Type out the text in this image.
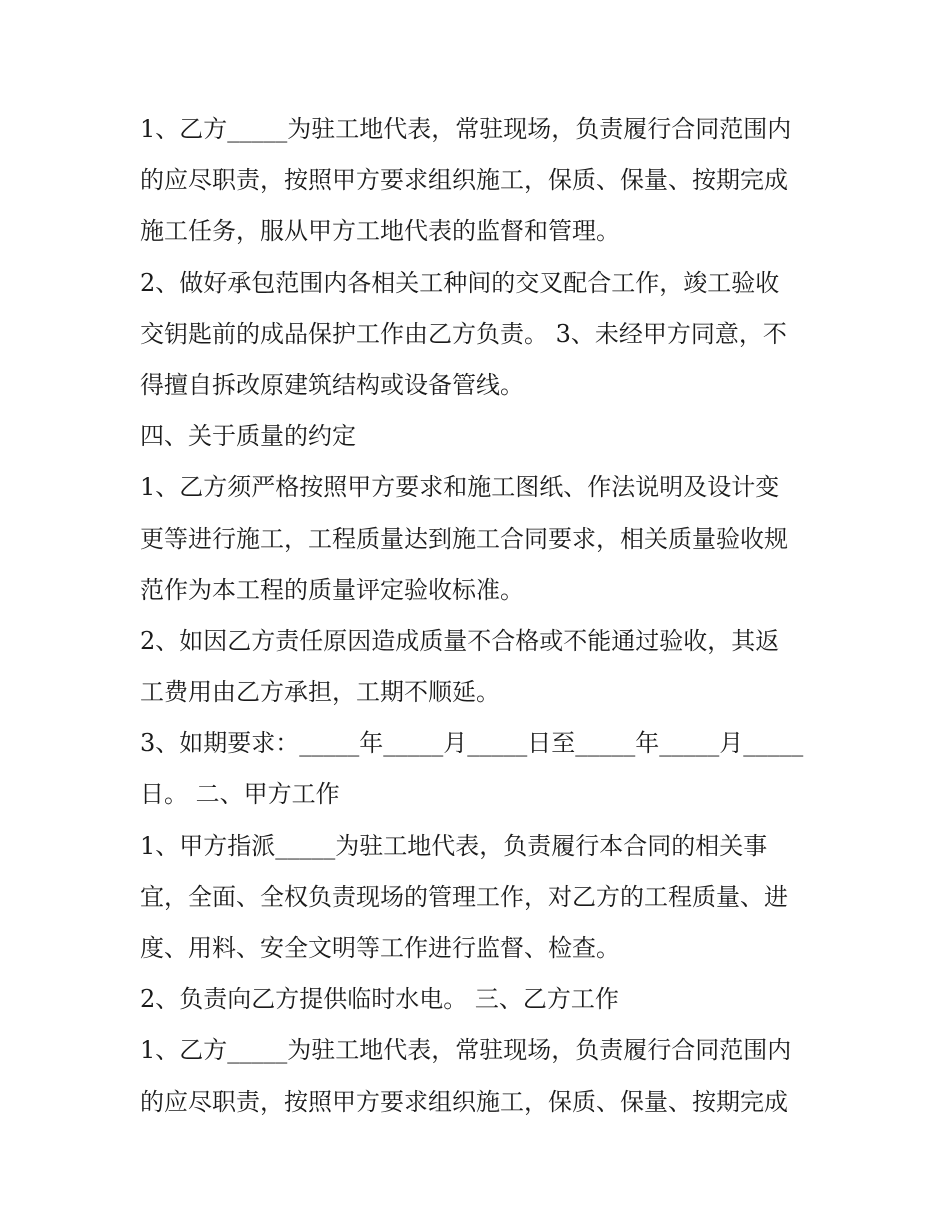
1、乙方_____为驻工地代表，常驻现场，负责履行合同范围内
的应尽职责，按照甲方要求组织施工，保质、保量、按期完成
施工任务，服从甲方工地代表的监督和管理。
2、做好承包范围内各相关工种间的交叉配合工作，竣工验收
交钥匙前的成品保护工作由乙方负责。 3、未经甲方同意，不
得擅自拆改原建筑结构或设备管线。
四、关于质量的约定
1、乙方须严格按照甲方要求和施工图纸、作法说明及设计变
更等进行施工，工程质量达到施工合同要求，相关质量验收规
范作为本工程的质量评定验收标准。
2、如因乙方责任原因造成质量不合格或不能通过验收，其返
工费用由乙方承担，工期不顺延。
3、如期要求：_____年_____月_____日至_____年_____月_____
日。 二、甲方工作
1、甲方指派_____为驻工地代表，负责履行本合同的相关事
宜，全面、全权负责现场的管理工作，对乙方的工程质量、进
度、用料、安全文明等工作进行监督、检查。
2、负责向乙方提供临时水电。 三、乙方工作
1、乙方_____为驻工地代表，常驻现场，负责履行合同范围内
的应尽职责，按照甲方要求组织施工，保质、保量、按期完成
